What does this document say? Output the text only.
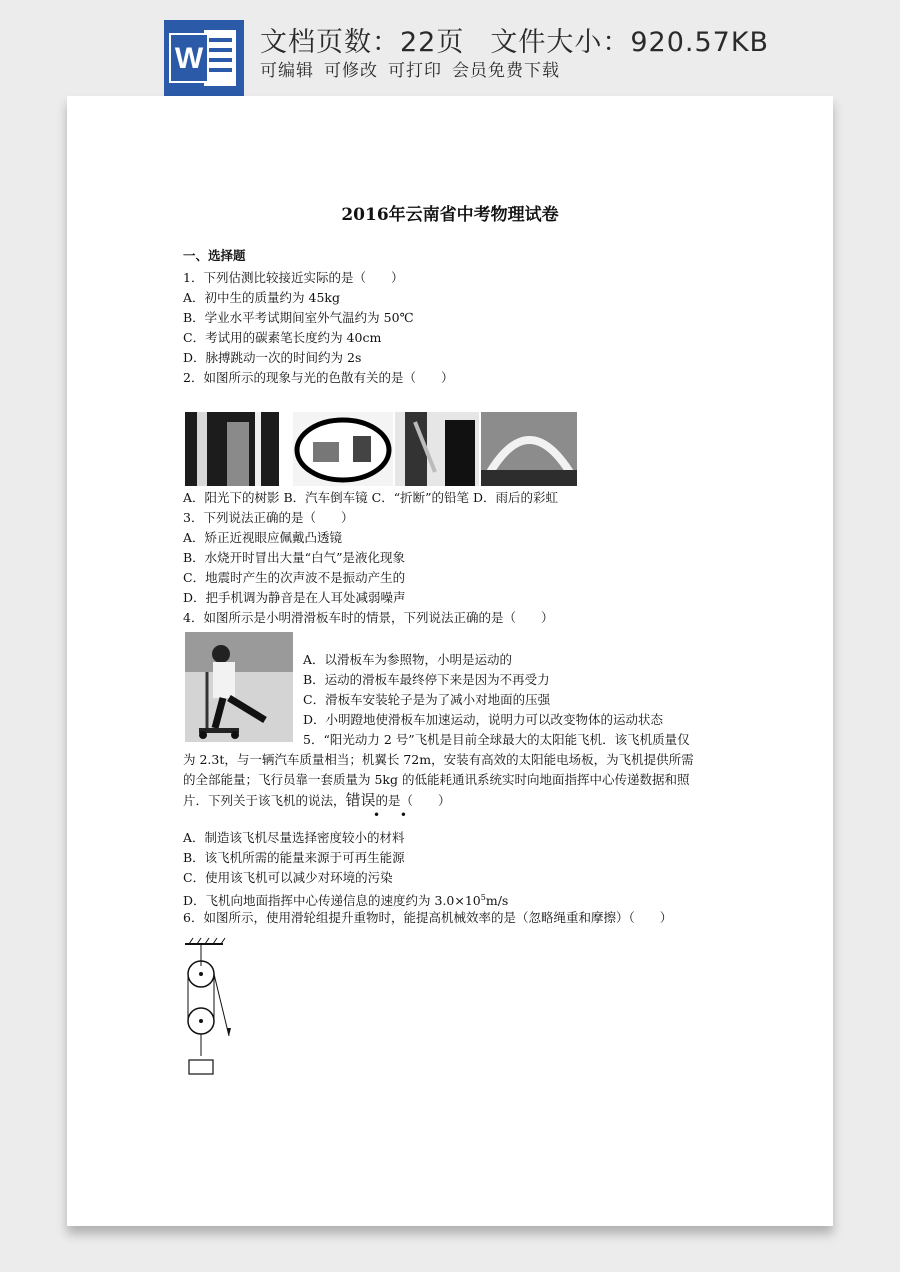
W 文档页数：22页 文件大小：920.57KB
可编辑 可修改 可打印 会员免费下载
2016年云南省中考物理试卷
一、选择题
1．下列估测比较接近实际的是（　　）
A．初中生的质量约为 45kg
B．学业水平考试期间室外气温约为 50℃
C．考试用的碳素笔长度约为 40cm
D．脉搏跳动一次的时间约为 2s
2．如图所示的现象与光的色散有关的是（　　）
A．阳光下的树影 B．汽车倒车镜 C．“折断”的铅笔 D．雨后的彩虹
3．下列说法正确的是（　　）
A．矫正近视眼应佩戴凸透镜
B．水烧开时冒出大量“白气”是液化现象
C．地震时产生的次声波不是振动产生的
D．把手机调为静音是在人耳处减弱噪声
4．如图所示是小明滑滑板车时的情景，下列说法正确的是（　　）
A．以滑板车为参照物，小明是运动的
B．运动的滑板车最终停下来是因为不再受力
C．滑板车安装轮子是为了减小对地面的压强
D．小明蹬地使滑板车加速运动，说明力可以改变物体的运动状态
5．“阳光动力 2 号”飞机是目前全球最大的太阳能飞机．该飞机质量仅
为 2.3t，与一辆汽车质量相当；机翼长 72m，安装有高效的太阳能电场板，为飞机提供所需
的全部能量；飞行员靠一套质量为 5kg 的低能耗通讯系统实时向地面指挥中心传递数据和照
片．下列关于该飞机的说法，错误的是（　　）
• •
A．制造该飞机尽量选择密度较小的材料
B．该飞机所需的能量来源于可再生能源
C．使用该飞机可以减少对环境的污染
D．飞机向地面指挥中心传递信息的速度约为 $3.0\times 10^5m/s$
6．如图所示，使用滑轮组提升重物时，能提高机械效率的是（忽略绳重和摩擦）（　　）
